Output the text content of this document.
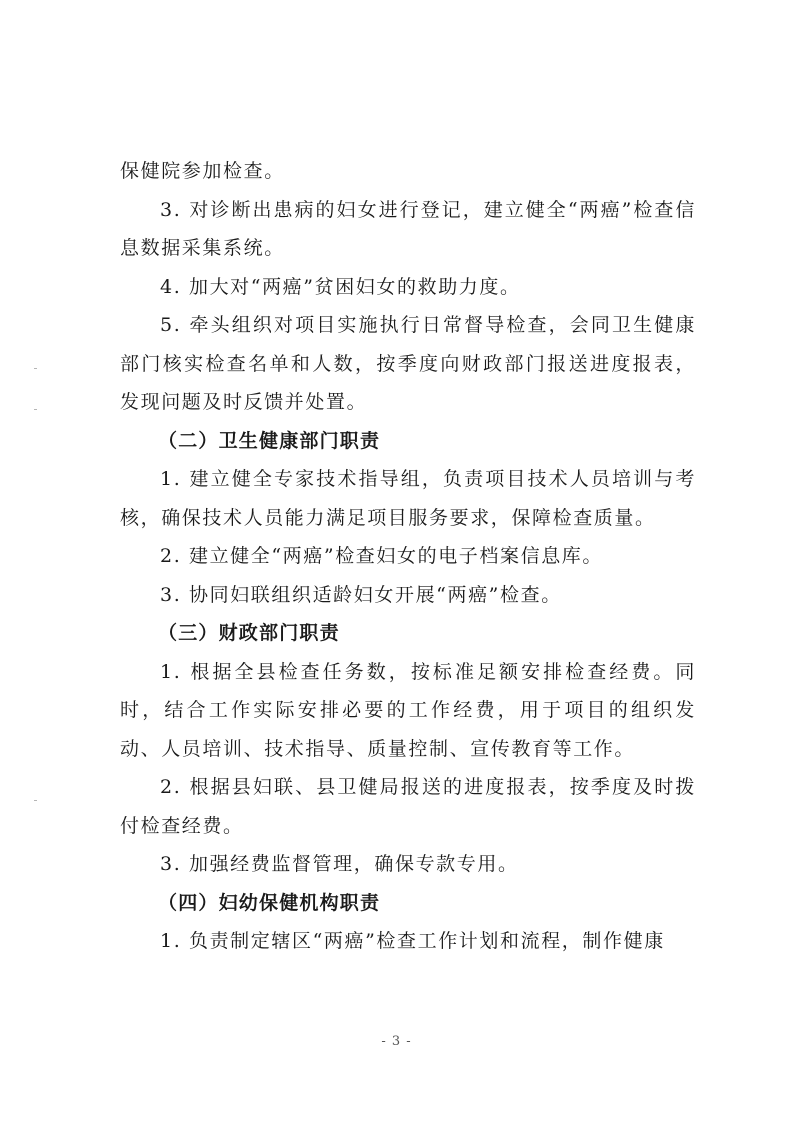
保健院参加检查。

3. 对诊断出患病的妇女进行登记，建立健全“两癌”检查信息数据采集系统。

4. 加大对“两癌”贫困妇女的救助力度。

5. 牵头组织对项目实施执行日常督导检查，会同卫生健康部门核实检查名单和人数，按季度向财政部门报送进度报表，发现问题及时反馈并处置。

（二）卫生健康部门职责

1. 建立健全专家技术指导组，负责项目技术人员培训与考核，确保技术人员能力满足项目服务要求，保障检查质量。

2. 建立健全“两癌”检查妇女的电子档案信息库。

3. 协同妇联组织适龄妇女开展“两癌”检查。

（三）财政部门职责

1. 根据全县检查任务数，按标准足额安排检查经费。同时，结合工作实际安排必要的工作经费，用于项目的组织发动、人员培训、技术指导、质量控制、宣传教育等工作。

2. 根据县妇联、县卫健局报送的进度报表，按季度及时拨付检查经费。

3. 加强经费监督管理，确保专款专用。

（四）妇幼保健机构职责

1. 负责制定辖区“两癌”检查工作计划和流程，制作健康

- 3 -
